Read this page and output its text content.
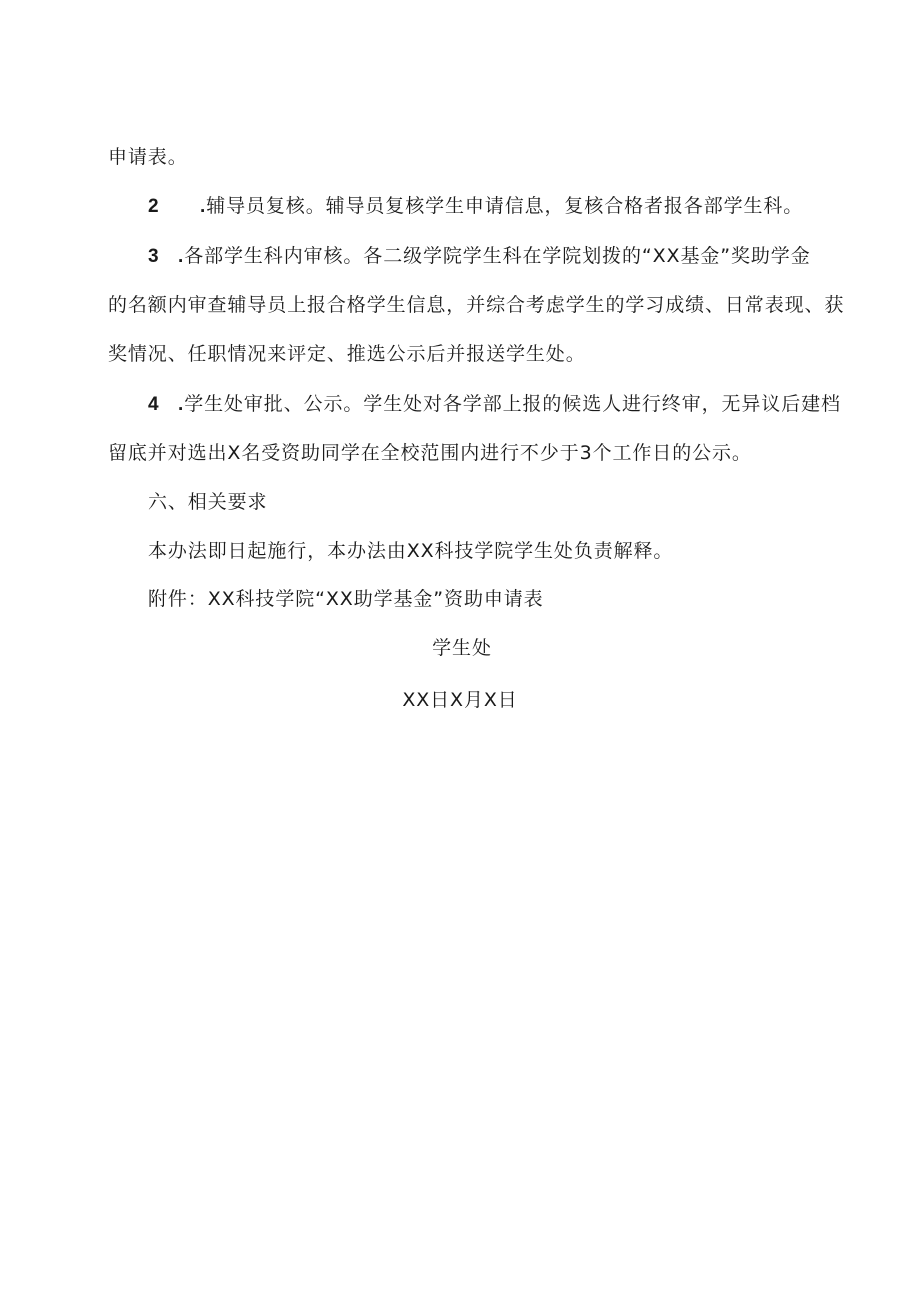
申请表。
2 .辅导员复核。辅导员复核学生申请信息，复核合格者报各部学生科。
3 .各部学生科内审核。各二级学院学生科在学院划拨的“XX基金”奖助学金
的名额内审查辅导员上报合格学生信息，并综合考虑学生的学习成绩、日常表现、获
奖情况、任职情况来评定、推选公示后并报送学生处。
4 .学生处审批、公示。学生处对各学部上报的候选人进行终审，无异议后建档
留底并对选出X名受资助同学在全校范围内进行不少于3个工作日的公示。
六、相关要求
本办法即日起施行，本办法由XX科技学院学生处负责解释。
附件：XX科技学院“XX助学基金”资助申请表
学生处
XX日X月X日
